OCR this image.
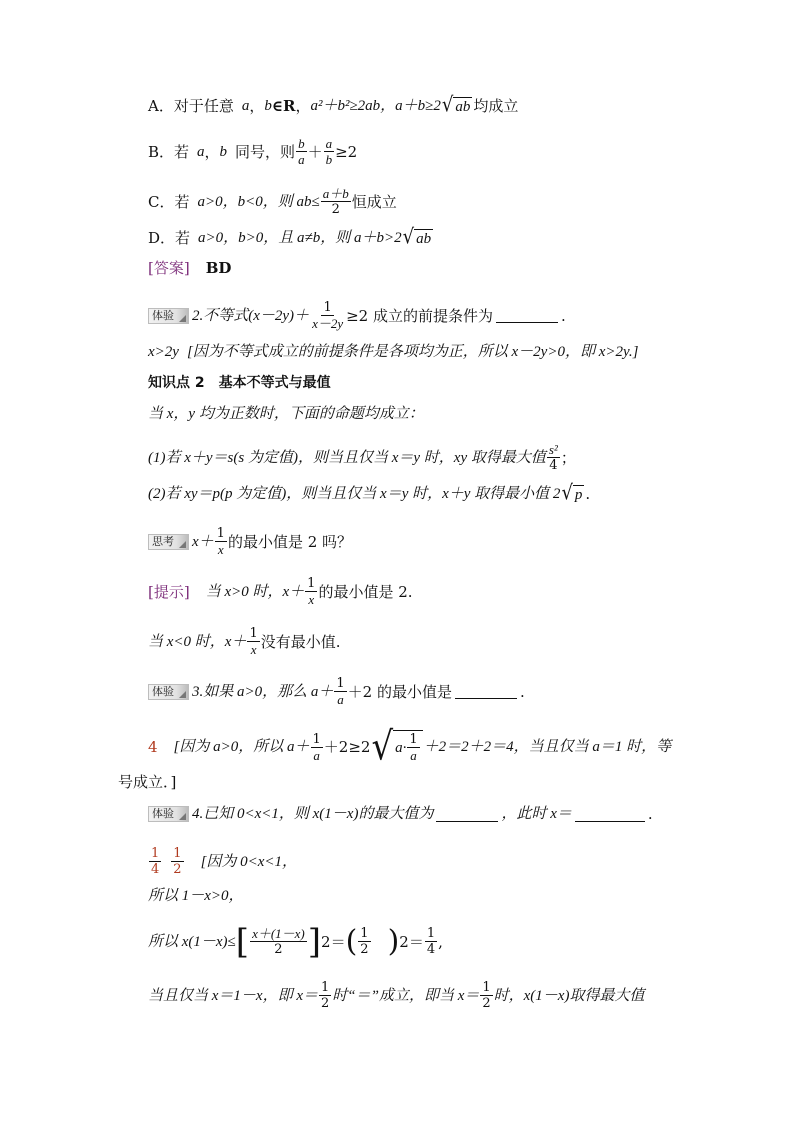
A．对于任意 a ， b ∈R ， a²＋b²≥2ab，a＋b≥2 √ ab 均成立
B．若 a ， b 同号，则 $\frac{b}{a} + \frac{a}{b} \ge 2$
C．若 a>0，b<0，则 $ab\le \frac{a+b}{2}$ 恒成立
D．若 a>0，b>0，且 a≠b，则 a＋b>2 √ ab
[答案] BD
体验	2.不等式$(x-2y)+ \frac{1}{x-2y} \ge 2$ 成立的前提条件为	.
x>2y [因为不等式成立的前提条件是各项均为正，所以 x－2y>0，即 x>2y.]
知识点 2　基本不等式与最值
当 x，y 均为正数时，下面的命题均成立：
(1)若 x＋y＝s(s 为定值)，则当且仅当 x＝y 时，xy 取得最大值 $\frac{\text{s²}}{4}$ ；
(2)若 xy＝p(p 为定值)，则当且仅当 x＝y 时，x＋y 取得最小值 2 √ p .
思考	$x+ \frac{1}{x}$ 的最小值是 2 吗？
[提示] 当 x>0 时，$x+ \frac{1}{x}$ 的最小值是 2.
当 x<0 时，$x+ \frac{1}{x}$ 没有最小值.
体验	3.如果 a>0，那么 $a+ \frac{1}{a} +2$ 的最小值是	.
4 [因为 a>0，所以 $a+ \frac{1}{a} +2\ge 2$ √ $a\cdot \frac{1}{a} +2=2+2=4$，当且仅当 a＝1 时，等
号成立．]
体验	4.已知 0<x<1，则 x(1－x)的最大值为	，此时 x＝	.
$\frac{1}{4} \frac{1}{2}$ [因为 0<x<1，
所以 1－x>0，
所以 x(1－x)≤ [ $\frac{x+(1-x)}{2}$ ] 2＝ ( $\frac{1}{2}$ ) $2= \frac{1}{4}$ ,
当且仅当 x＝1－x，即 $x= \frac{1}{2}$ 时“＝”成立，即当 $x= \frac{1}{2}$ 时，x(1－x)取得最大值
